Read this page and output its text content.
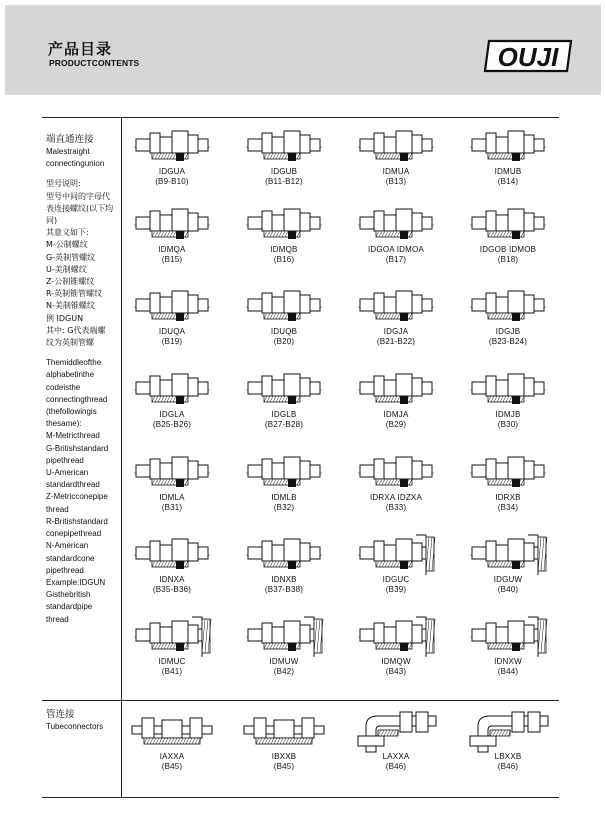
产品目录
PRODUCTCONTENTS	OUJI
端直通连接
Malestraight
connectingunion
型号说明:
型号中间的字母代
表连接螺纹(以下均
同)
其意义如下:
M-公制螺纹
G-英制管螺纹
U-美制螺纹
Z-公制锥螺纹
R-英制锥管螺纹
N-美制锥螺纹
例 IDGUN
其中: G代表端螺
纹为英制管螺
Themiddleofthe
alphabetinthe
codeisthe
connectingthread
(thefollowingis
thesame):
M-Metricthread
G-Britishstandard
pipethread
U-American
standardthread
Z-Metricconepipe
thread
R-Britishstandard
conepipethread
N-American
standardcone
pipethread
Example:IDGUN
Gisthebritish
standardpipe
thread
管连接
Tubeconnectors
IDGUA
(B9-B10)
IDGUB
(B11-B12)
IDMUA
(B13)
IDMUB
(B14)
IDMQA
(B15)
IDMQB
(B16)
IDGOA IDMOA
(B17)
IDGOB IDMOB
(B18)
IDUQA
(B19)
IDUQB
(B20)
IDGJA
(B21-B22)
IDGJB
(B23-B24)
IDGLA
(B25-B26)
IDGLB
(B27-B28)
IDMJA
(B29)
IDMJB
(B30)
IDMLA
(B31)
IDMLB
(B32)
IDRXA IDZXA
(B33)
IDRXB
(B34)
IDNXA
(B35-B36)
IDNXB
(B37-B38)
IDGUC
(B39)
IDGUW
(B40)
IDMUC
(B41)
IDMUW
(B42)
IDMQW
(B43)
IDNXW
(B44)
IAXXA
(B45)
IBXXB
(B45)
LAXXA
(B46)
LBXXB
(B46)
